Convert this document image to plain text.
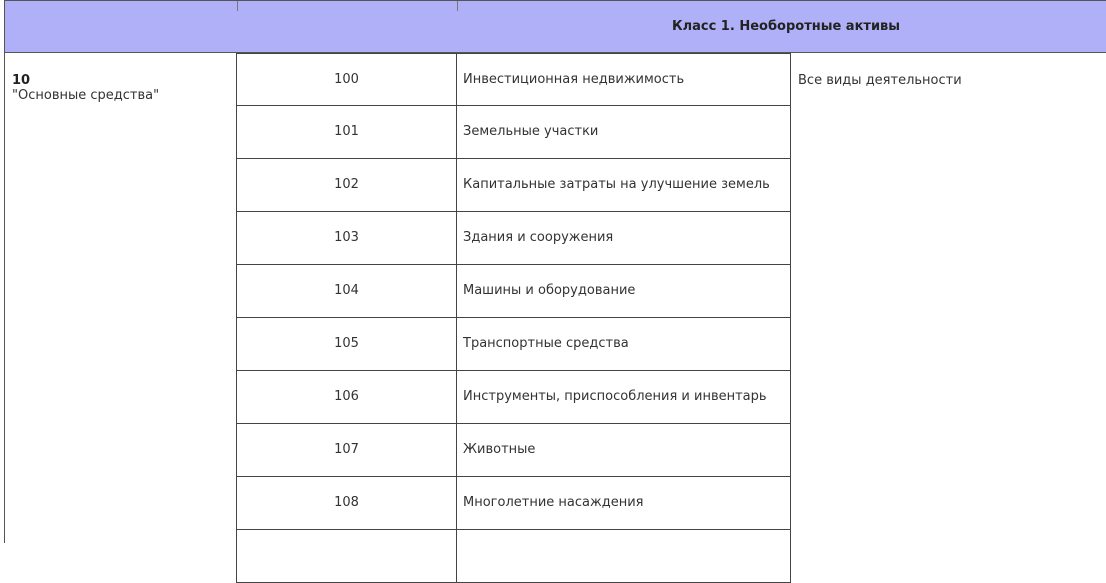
Класс 1. Необоротные активы
10
"Основные средства"
100	Инвестиционная недвижимость
101	Земельные участки
102	Капитальные затраты на улучшение земель
103	Здания и сооружения
104	Машины и оборудование
105	Транспортные средства
106	Инструменты, приспособления и инвентарь
107	Животные
108	Многолетние насаждения
Все виды деятельности
